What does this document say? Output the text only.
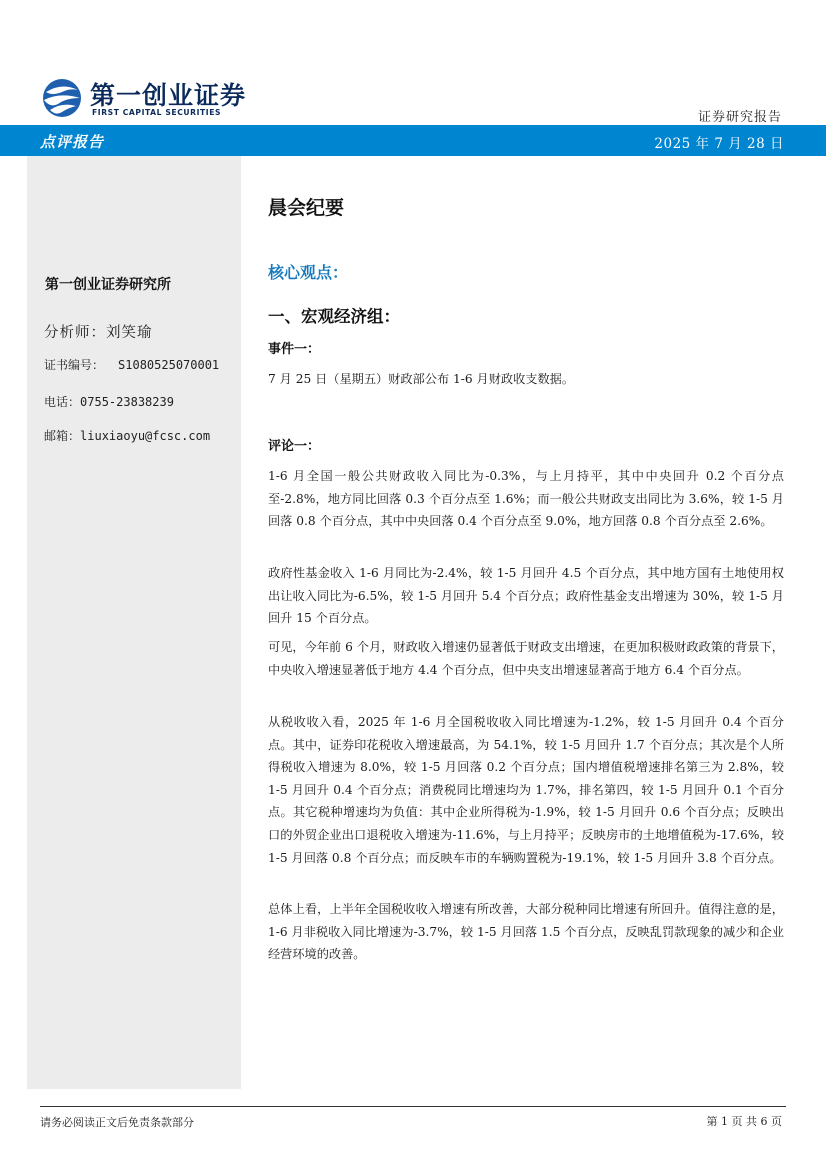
第一创业证券
FIRST CAPITAL SECURITIES	证券研究报告
点评报告	2025 年 7 月 28 日
第一创业证券研究所
分析师：刘笑瑜
证书编号： S1080525070001
电话：0755-23838239
邮箱：liuxiaoyu@fcsc.com
晨会纪要
核心观点：
一、宏观经济组：
事件一：

7 月 25 日（星期五）财政部公布 1-6 月财政收支数据。

评论一：

1-6 月全国一般公共财政收入同比为-0.3%，与上月持平，其中中央回升 0.2 个百分点至-2.8%，地方同比回落 0.3 个百分点至 1.6%；而一般公共财政支出同比为 3.6%，较 1-5 月回落 0.8 个百分点，其中中央回落 0.4 个百分点至 9.0%，地方回落 0.8 个百分点至 2.6%。

政府性基金收入 1-6 月同比为-2.4%，较 1-5 月回升 4.5 个百分点，其中地方国有土地使用权出让收入同比为-6.5%，较 1-5 月回升 5.4 个百分点；政府性基金支出增速为 30%，较 1-5 月回升 15 个百分点。

可见，今年前 6 个月，财政收入增速仍显著低于财政支出增速，在更加积极财政政策的背景下，中央收入增速显著低于地方 4.4 个百分点，但中央支出增速显著高于地方 6.4 个百分点。

从税收收入看，2025 年 1-6 月全国税收收入同比增速为-1.2%，较 1-5 月回升 0.4 个百分点。其中，证券印花税收入增速最高，为 54.1%，较 1-5 月回升 1.7 个百分点；其次是个人所得税收入增速为 8.0%，较 1-5 月回落 0.2 个百分点；国内增值税增速排名第三为 2.8%，较 1-5 月回升 0.4 个百分点；消费税同比增速均为 1.7%，排名第四，较 1-5 月回升 0.1 个百分点。其它税种增速均为负值：其中企业所得税为-1.9%，较 1-5 月回升 0.6 个百分点；反映出口的外贸企业出口退税收入增速为-11.6%，与上月持平；反映房市的土地增值税为-17.6%，较 1-5 月回落 0.8 个百分点；而反映车市的车辆购置税为-19.1%，较 1-5 月回升 3.8 个百分点。

总体上看，上半年全国税收收入增速有所改善，大部分税种同比增速有所回升。值得注意的是，1-6 月非税收入同比增速为-3.7%，较 1-5 月回落 1.5 个百分点，反映乱罚款现象的减少和企业经营环境的改善。

请务必阅读正文后免责条款部分	第 1 页 共 6 页
